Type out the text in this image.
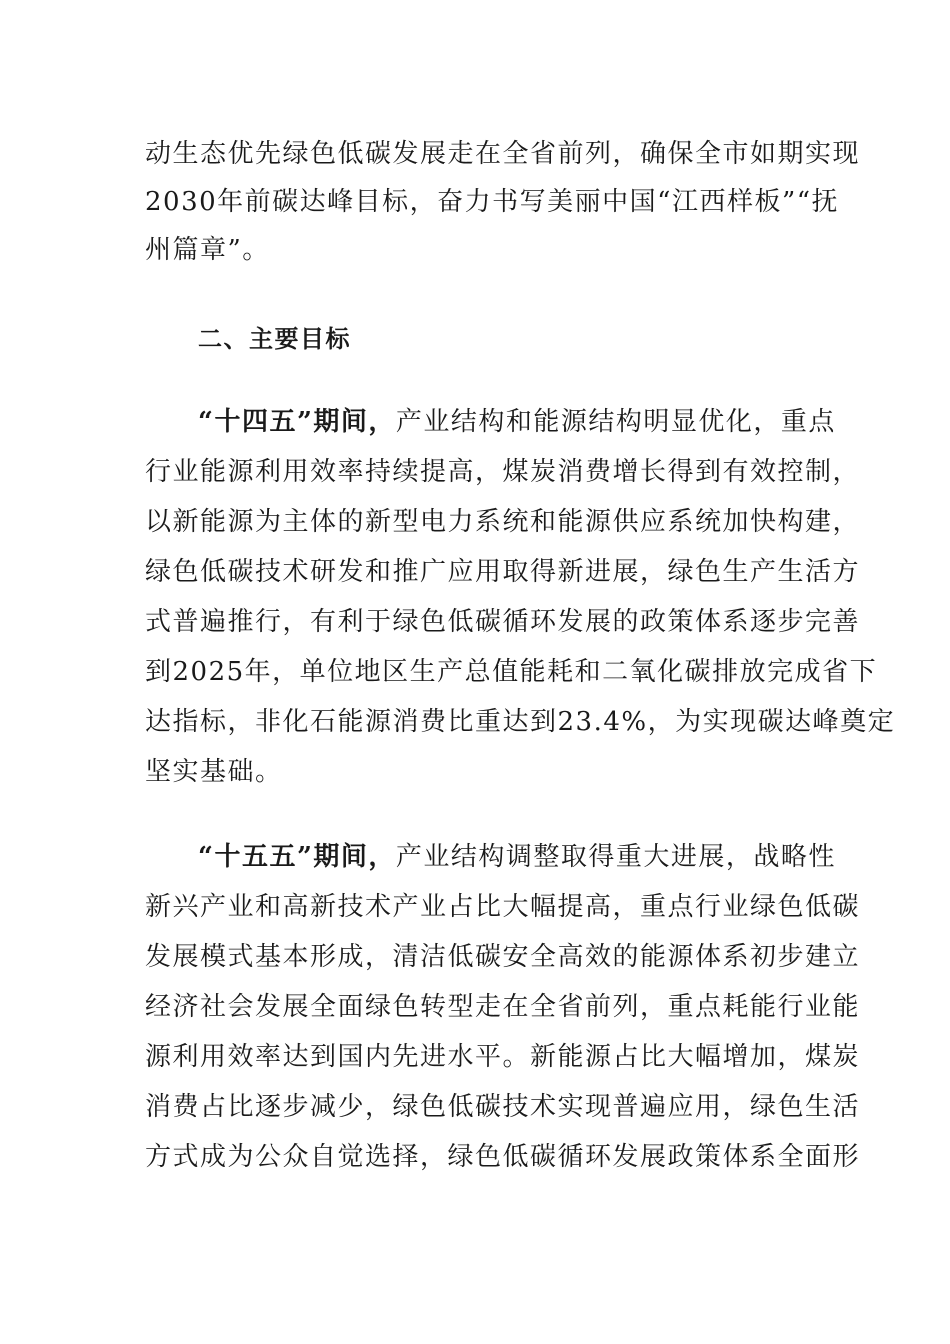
动生态优先绿色低碳发展走在全省前列，确保全市如期实现
2030年前碳达峰目标，奋力书写美丽中国“江西样板”“抚
州篇章”。
二、主要目标
“十四五”期间，产业结构和能源结构明显优化，重点
行业能源利用效率持续提高，煤炭消费增长得到有效控制，
以新能源为主体的新型电力系统和能源供应系统加快构建，
绿色低碳技术研发和推广应用取得新进展，绿色生产生活方
式普遍推行，有利于绿色低碳循环发展的政策体系逐步完善
到2025年，单位地区生产总值能耗和二氧化碳排放完成省下
达指标，非化石能源消费比重达到23.4%，为实现碳达峰奠定
坚实基础。
“十五五”期间，产业结构调整取得重大进展，战略性
新兴产业和高新技术产业占比大幅提高，重点行业绿色低碳
发展模式基本形成，清洁低碳安全高效的能源体系初步建立
经济社会发展全面绿色转型走在全省前列，重点耗能行业能
源利用效率达到国内先进水平。新能源占比大幅增加，煤炭
消费占比逐步减少，绿色低碳技术实现普遍应用，绿色生活
方式成为公众自觉选择，绿色低碳循环发展政策体系全面形
